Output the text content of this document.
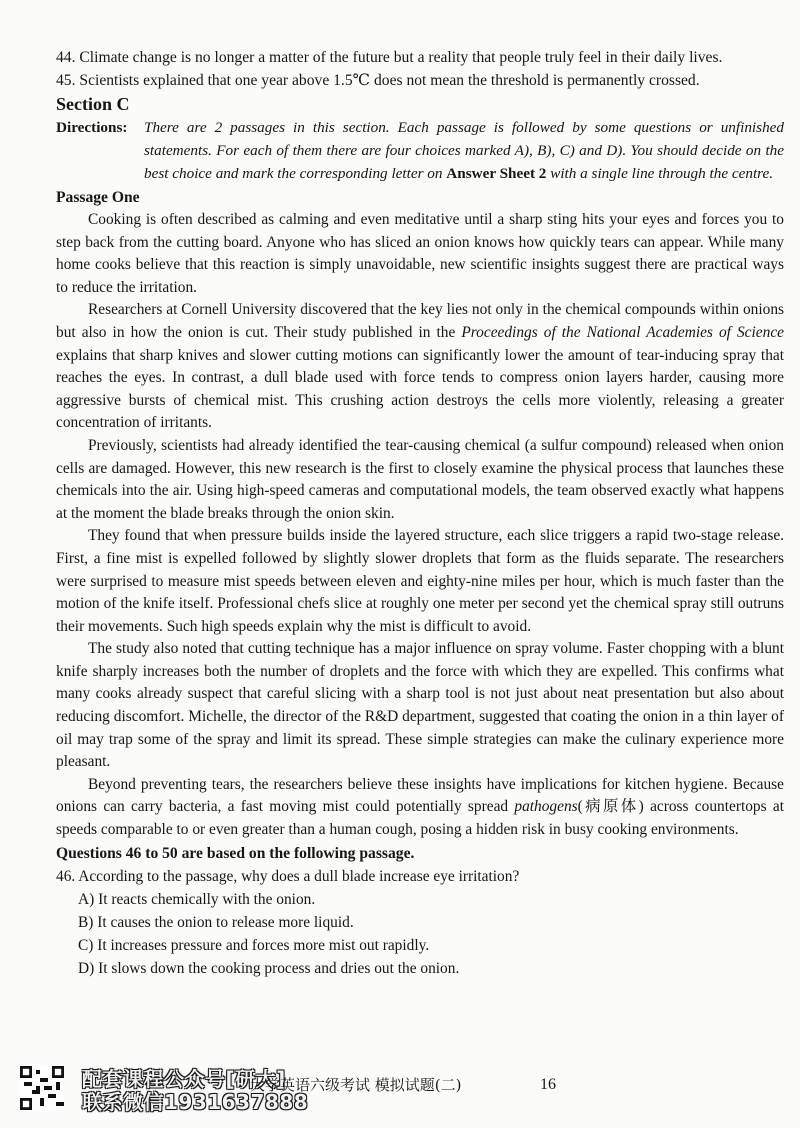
44. Climate change is no longer a matter of the future but a reality that people truly feel in their daily lives.
45. Scientists explained that one year above 1.5℃ does not mean the threshold is permanently crossed.
Section C
Directions:	There are 2 passages in this section. Each passage is followed by some questions or unfinished statements. For each of them there are four choices marked A), B), C) and D). You should decide on the best choice and mark the corresponding letter on Answer Sheet 2 with a single line through the centre.
Passage One

Cooking is often described as calming and even meditative until a sharp sting hits your eyes and forces you to step back from the cutting board. Anyone who has sliced an onion knows how quickly tears can appear. While many home cooks believe that this reaction is simply unavoidable, new scientific insights suggest there are practical ways to reduce the irritation.

Researchers at Cornell University discovered that the key lies not only in the chemical compounds within onions but also in how the onion is cut. Their study published in the Proceedings of the National Academies of Science explains that sharp knives and slower cutting motions can significantly lower the amount of tear-inducing spray that reaches the eyes. In contrast, a dull blade used with force tends to compress onion layers harder, causing more aggressive bursts of chemical mist. This crushing action destroys the cells more violently, releasing a greater concentration of irritants.

Previously, scientists had already identified the tear-causing chemical (a sulfur compound) released when onion cells are damaged. However, this new research is the first to closely examine the physical process that launches these chemicals into the air. Using high-speed cameras and computational models, the team observed exactly what happens at the moment the blade breaks through the onion skin.

They found that when pressure builds inside the layered structure, each slice triggers a rapid two-stage release. First, a fine mist is expelled followed by slightly slower droplets that form as the fluids separate. The researchers were surprised to measure mist speeds between eleven and eighty-nine miles per hour, which is much faster than the motion of the knife itself. Professional chefs slice at roughly one meter per second yet the chemical spray still outruns their movements. Such high speeds explain why the mist is difficult to avoid.

The study also noted that cutting technique has a major influence on spray volume. Faster chopping with a blunt knife sharply increases both the number of droplets and the force with which they are expelled. This confirms what many cooks already suspect that careful slicing with a sharp tool is not just about neat presentation but also about reducing discomfort. Michelle, the director of the R&D department, suggested that coating the onion in a thin layer of oil may trap some of the spray and limit its spread. These simple strategies can make the culinary experience more pleasant.

Beyond preventing tears, the researchers believe these insights have implications for kitchen hygiene. Because onions can carry bacteria, a fast moving mist could potentially spread pathogens(病原体) across countertops at speeds comparable to or even greater than a human cough, posing a hidden risk in busy cooking environments.

Questions 46 to 50 are based on the following passage.
46. According to the passage, why does a dull blade increase eye irritation?
A) It reacts chemically with the onion.
B) It causes the onion to release more liquid.
C) It increases pressure and forces more mist out rapidly.
D) It slows down the cooking process and dries out the onion.
配套课程公众号[研大]
联系微信1931637888
大学英语六级考试 模拟试题(二)	16
